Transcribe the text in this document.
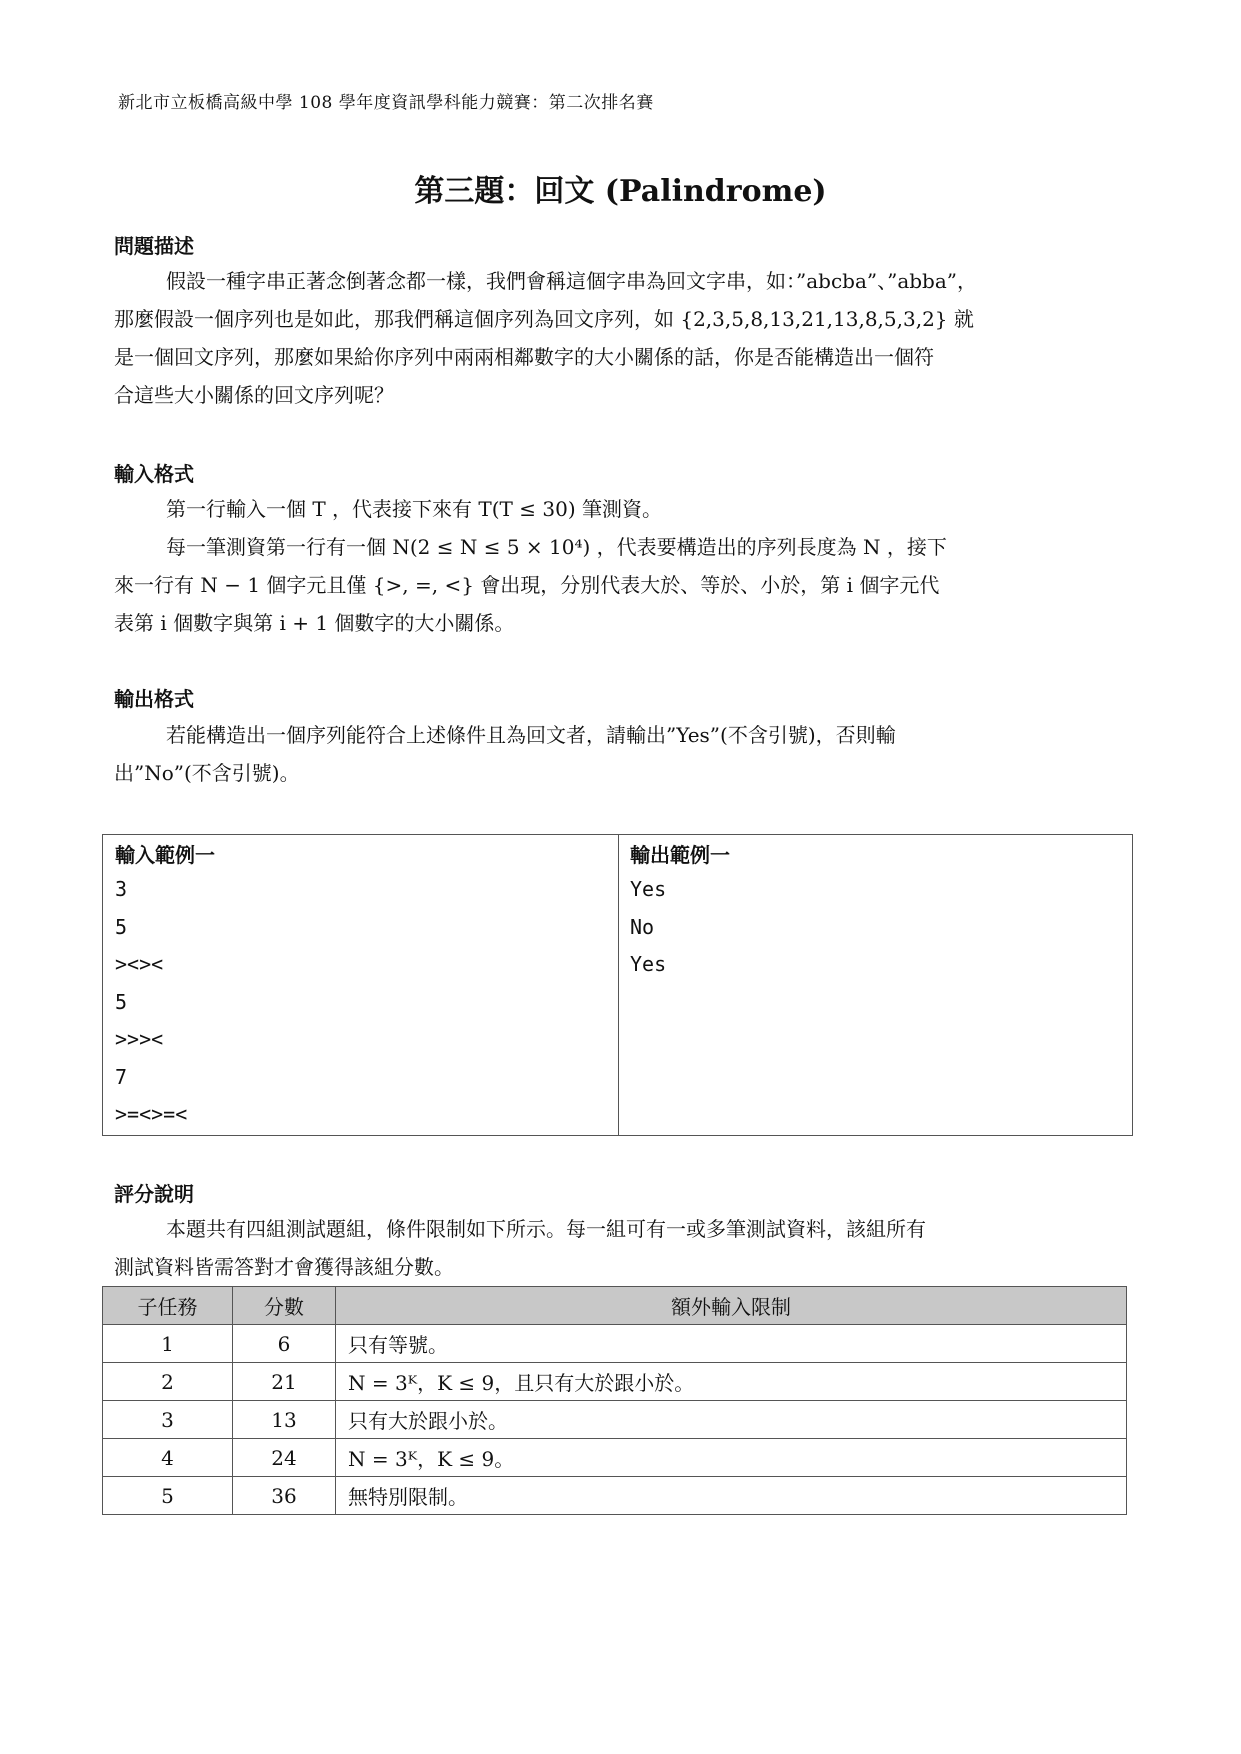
新北市立板橋高級中學 108 學年度資訊學科能力競賽：第二次排名賽
第三題：回文 (Palindrome)
問題描述
假設一種字串正著念倒著念都一樣，我們會稱這個字串為回文字串，如：”abcba”、”abba”，
那麼假設一個序列也是如此，那我們稱這個序列為回文序列，如 {2,3,5,8,13,21,13,8,5,3,2} 就
是一個回文序列，那麼如果給你序列中兩兩相鄰數字的大小關係的話，你是否能構造出一個符
合這些大小關係的回文序列呢？
輸入格式
第一行輸入一個 T ，代表接下來有 T(T ≤ 30) 筆測資。
每一筆測資第一行有一個 N(2 ≤ N ≤ 5 × 10⁴) ，代表要構造出的序列長度為 N ，接下
來一行有 N − 1 個字元且僅 {>, =, <} 會出現，分別代表大於、等於、小於，第 i 個字元代
表第 i 個數字與第 i + 1 個數字的大小關係。
輸出格式
若能構造出一個序列能符合上述條件且為回文者，請輸出”Yes”(不含引號)，否則輸
出”No”(不含引號)。
輸入範例一
3
5
><><
5
>>><
7
>=<>=<
輸出範例一
Yes
No
Yes
評分說明
本題共有四組測試題組，條件限制如下所示。每一組可有一或多筆測試資料，該組所有
測試資料皆需答對才會獲得該組分數。
子任務	分數	額外輸入限制
1	6	只有等號。
2	21	N = 3ᴷ，K ≤ 9，且只有大於跟小於。
3	13	只有大於跟小於。
4	24	N = 3ᴷ，K ≤ 9。
5	36	無特別限制。
